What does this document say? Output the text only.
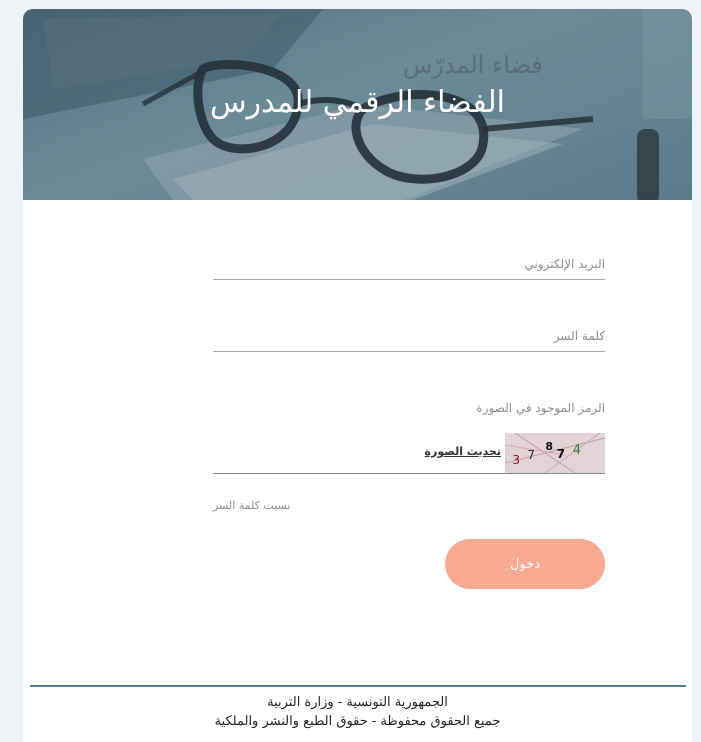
فضاء المدرّس
الفضاء الرقمي للمدرس
البريد الإلكتروني
الرمز الموجود في الصورة
3 7
8
7 4
تحديث الصورة
نسيت كلمة السر
دخول
الجمهورية التونسية - وزارة التربية
جميع الحقوق محفوظة - حقوق الطبع والنشر والملكية
